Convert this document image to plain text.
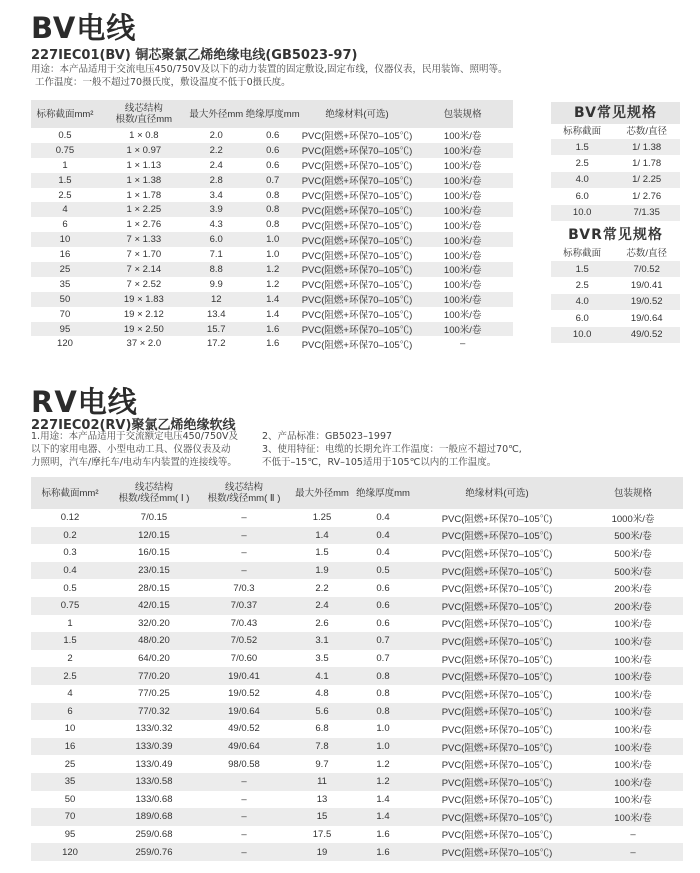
BV电线
227IEC01(BV) 铜芯聚氯乙烯绝缘电线(GB5023-97)
用途：本产品适用于交流电压450/750V及以下的动力装置的固定敷设,固定布线，仪器仪表，民用装饰、照明等。
工作温度：一般不超过70摄氏度，敷设温度不低于0摄氏度。
标称截面mm²	线芯结构
根数/直径mm	最大外径mm	绝缘厚度mm	绝缘材料(可选)	包装规格
0.5	1 × 0.8	2.0	0.6	PVC(阻燃+环保70–105℃)	100米/卷
0.75	1 × 0.97	2.2	0.6	PVC(阻燃+环保70–105℃)	100米/卷
1	1 × 1.13	2.4	0.6	PVC(阻燃+环保70–105℃)	100米/卷
1.5	1 × 1.38	2.8	0.7	PVC(阻燃+环保70–105℃)	100米/卷
2.5	1 × 1.78	3.4	0.8	PVC(阻燃+环保70–105℃)	100米/卷
4	1 × 2.25	3.9	0.8	PVC(阻燃+环保70–105℃)	100米/卷
6	1 × 2.76	4.3	0.8	PVC(阻燃+环保70–105℃)	100米/卷
10	7 × 1.33	6.0	1.0	PVC(阻燃+环保70–105℃)	100米/卷
16	7 × 1.70	7.1	1.0	PVC(阻燃+环保70–105℃)	100米/卷
25	7 × 2.14	8.8	1.2	PVC(阻燃+环保70–105℃)	100米/卷
35	7 × 2.52	9.9	1.2	PVC(阻燃+环保70–105℃)	100米/卷
50	19 × 1.83	12	1.4	PVC(阻燃+环保70–105℃)	100米/卷
70	19 × 2.12	13.4	1.4	PVC(阻燃+环保70–105℃)	100米/卷
95	19 × 2.50	15.7	1.6	PVC(阻燃+环保70–105℃)	100米/卷
120	37 × 2.0	17.2	1.6	PVC(阻燃+环保70–105℃)	–
BV常见规格
标称截面	芯数/直径
1.5	1/ 1.38
2.5	1/ 1.78
4.0	1/ 2.25
6.0	1/ 2.76
10.0	7/1.35
BVR常见规格
标称截面	芯数/直径
1.5	7/0.52
2.5	19/0.41
4.0	19/0.52
6.0	19/0.64
10.0	49/0.52
RV电线
227IEC02(RV)聚氯乙烯绝缘软线
1.用途：本产品适用于交流额定电压450/750V及
以下的家用电器、小型电动工具、仪器仪表及动
力照明，汽车/摩托车/电动车内装置的连接线等。
2、产品标准：GB5023–1997
3、使用特征：电缆的长期允许工作温度：一般应不超过70℃,
不低于–15℃，RV–105适用于105℃以内的工作温度。
标称截面mm²	线芯结构
根数/线径mm( Ⅰ )	线芯结构
根数/线径mm( Ⅱ )	最大外径mm	绝缘厚度mm	绝缘材料(可选)	包装规格
0.12	7/0.15	–	1.25	0.4	PVC(阻燃+环保70–105℃)	1000米/卷
0.2	12/0.15	–	1.4	0.4	PVC(阻燃+环保70–105℃)	500米/卷
0.3	16/0.15	–	1.5	0.4	PVC(阻燃+环保70–105℃)	500米/卷
0.4	23/0.15	–	1.9	0.5	PVC(阻燃+环保70–105℃)	500米/卷
0.5	28/0.15	7/0.3	2.2	0.6	PVC(阻燃+环保70–105℃)	200米/卷
0.75	42/0.15	7/0.37	2.4	0.6	PVC(阻燃+环保70–105℃)	200米/卷
1	32/0.20	7/0.43	2.6	0.6	PVC(阻燃+环保70–105℃)	100米/卷
1.5	48/0.20	7/0.52	3.1	0.7	PVC(阻燃+环保70–105℃)	100米/卷
2	64/0.20	7/0.60	3.5	0.7	PVC(阻燃+环保70–105℃)	100米/卷
2.5	77/0.20	19/0.41	4.1	0.8	PVC(阻燃+环保70–105℃)	100米/卷
4	77/0.25	19/0.52	4.8	0.8	PVC(阻燃+环保70–105℃)	100米/卷
6	77/0.32	19/0.64	5.6	0.8	PVC(阻燃+环保70–105℃)	100米/卷
10	133/0.32	49/0.52	6.8	1.0	PVC(阻燃+环保70–105℃)	100米/卷
16	133/0.39	49/0.64	7.8	1.0	PVC(阻燃+环保70–105℃)	100米/卷
25	133/0.49	98/0.58	9.7	1.2	PVC(阻燃+环保70–105℃)	100米/卷
35	133/0.58	–	11	1.2	PVC(阻燃+环保70–105℃)	100米/卷
50	133/0.68	–	13	1.4	PVC(阻燃+环保70–105℃)	100米/卷
70	189/0.68	–	15	1.4	PVC(阻燃+环保70–105℃)	100米/卷
95	259/0.68	–	17.5	1.6	PVC(阻燃+环保70–105℃)	–
120	259/0.76	–	19	1.6	PVC(阻燃+环保70–105℃)	–
